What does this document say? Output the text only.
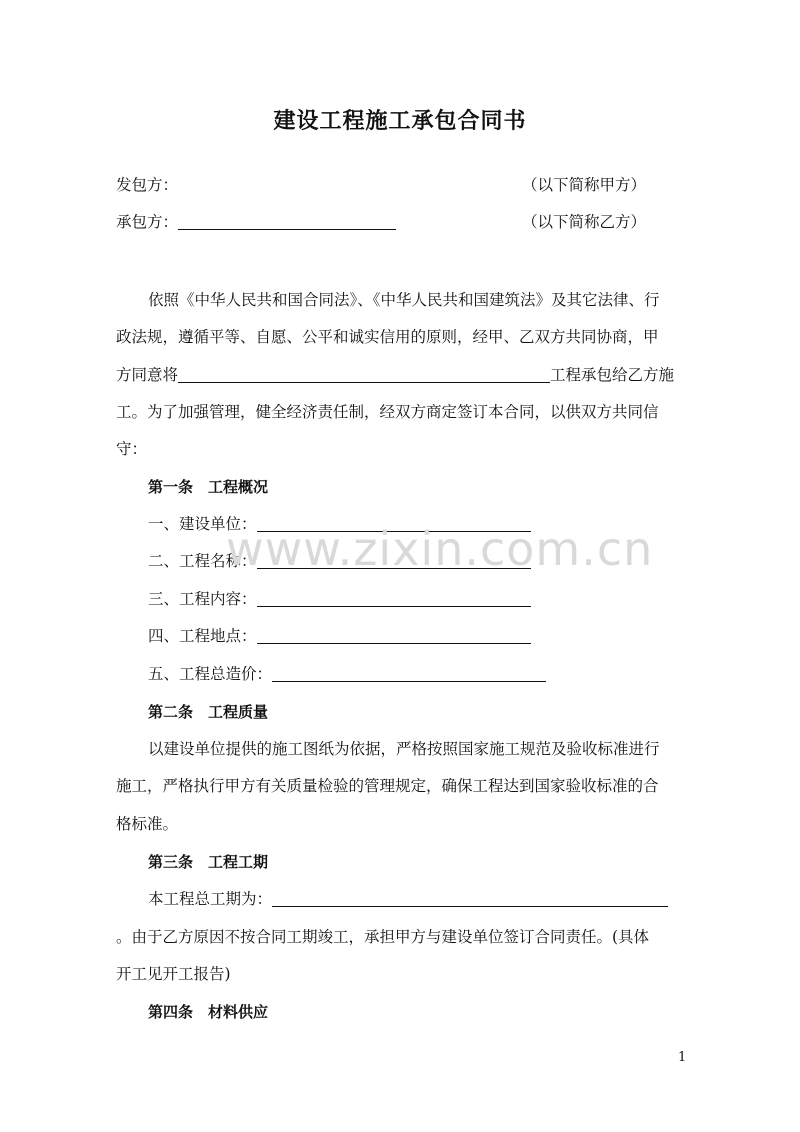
建设工程施工承包合同书
发包方：	（以下简称甲方）
承包方：	（以下简称乙方）
依照《中华人民共和国合同法》、《中华人民共和国建筑法》及其它法律、行
政法规，遵循平等、自愿、公平和诚实信用的原则，经甲、乙双方共同协商，甲
方同意将	工程承包给乙方施
工。为了加强管理，健全经济责任制，经双方商定签订本合同，以供双方共同信
守：
第一条　工程概况
一、建设单位：
二、工程名称：
三、工程内容：
四、工程地点：
五、工程总造价：
第二条　工程质量
以建设单位提供的施工图纸为依据，严格按照国家施工规范及验收标准进行
施工，严格执行甲方有关质量检验的管理规定，确保工程达到国家验收标准的合
格标准。
第三条　工程工期
本工程总工期为：
。由于乙方原因不按合同工期竣工，承担甲方与建设单位签订合同责任。(具体
开工见开工报告)
第四条　材料供应
www.zixin.com.cn
1
